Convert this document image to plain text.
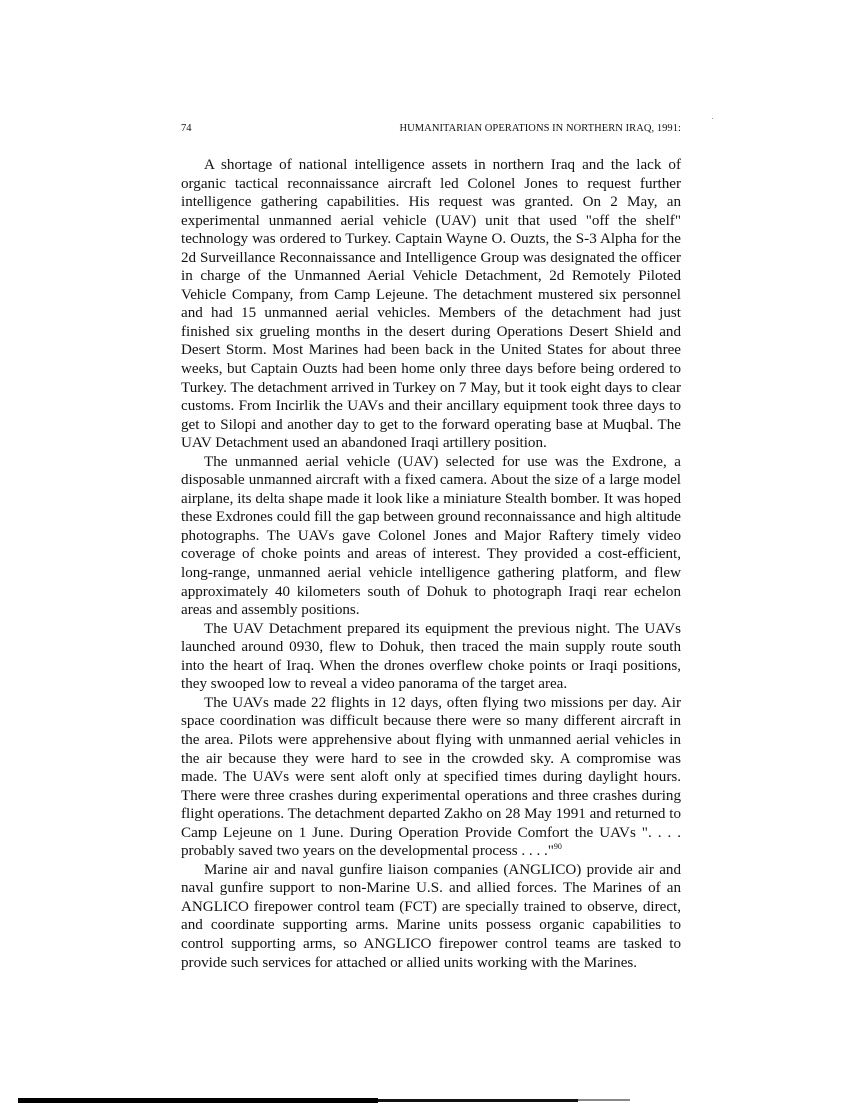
74	HUMANITARIAN OPERATIONS IN NORTHERN IRAQ, 1991:

A shortage of national intelligence assets in northern Iraq and the lack of organic tactical reconnaissance aircraft led Colonel Jones to request further intelligence gathering capabilities. His request was granted. On 2 May, an experimental unmanned aerial vehicle (UAV) unit that used "off the shelf" technology was ordered to Turkey. Captain Wayne O. Ouzts, the S-3 Alpha for the 2d Surveillance Reconnaissance and Intelligence Group was designated the officer in charge of the Unmanned Aerial Vehicle Detachment, 2d Remotely Piloted Vehicle Company, from Camp Lejeune. The detachment mustered six personnel and had 15 unmanned aerial vehicles. Members of the detachment had just finished six grueling months in the desert during Operations Desert Shield and Desert Storm. Most Marines had been back in the United States for about three weeks, but Captain Ouzts had been home only three days before being ordered to Turkey. The detachment arrived in Turkey on 7 May, but it took eight days to clear customs. From Incirlik the UAVs and their ancillary equipment took three days to get to Silopi and another day to get to the forward operating base at Muqbal. The UAV Detachment used an abandoned Iraqi artillery position.

The unmanned aerial vehicle (UAV) selected for use was the Exdrone, a disposable unmanned aircraft with a fixed camera. About the size of a large model airplane, its delta shape made it look like a miniature Stealth bomber. It was hoped these Exdrones could fill the gap between ground reconnaissance and high altitude photographs. The UAVs gave Colonel Jones and Major Raftery timely video coverage of choke points and areas of interest. They provided a cost-efficient, long-range, unmanned aerial vehicle intelligence gathering platform, and flew approximately 40 kilometers south of Dohuk to photograph Iraqi rear echelon areas and assembly positions.

The UAV Detachment prepared its equipment the previous night. The UAVs launched around 0930, flew to Dohuk, then traced the main supply route south into the heart of Iraq. When the drones overflew choke points or Iraqi positions, they swooped low to reveal a video panorama of the target area.

The UAVs made 22 flights in 12 days, often flying two missions per day. Air space coordination was difficult because there were so many different aircraft in the area. Pilots were apprehensive about flying with unmanned aerial vehicles in the air because they were hard to see in the crowded sky. A compromise was made. The UAVs were sent aloft only at specified times during daylight hours. There were three crashes during experimental operations and three crashes during flight operations. The detachment departed Zakho on 28 May 1991 and returned to Camp Lejeune on 1 June. During Operation Provide Comfort the UAVs ". . . . probably saved two years on the developmental process . . . ."$^{90}$

Marine air and naval gunfire liaison companies (ANGLICO) provide air and naval gunfire support to non-Marine U.S. and allied forces. The Marines of an ANGLICO firepower control team (FCT) are specially trained to observe, direct, and coordinate supporting arms. Marine units possess organic capabilities to control supporting arms, so ANGLICO firepower control teams are tasked to provide such services for attached or allied units working with the Marines.
